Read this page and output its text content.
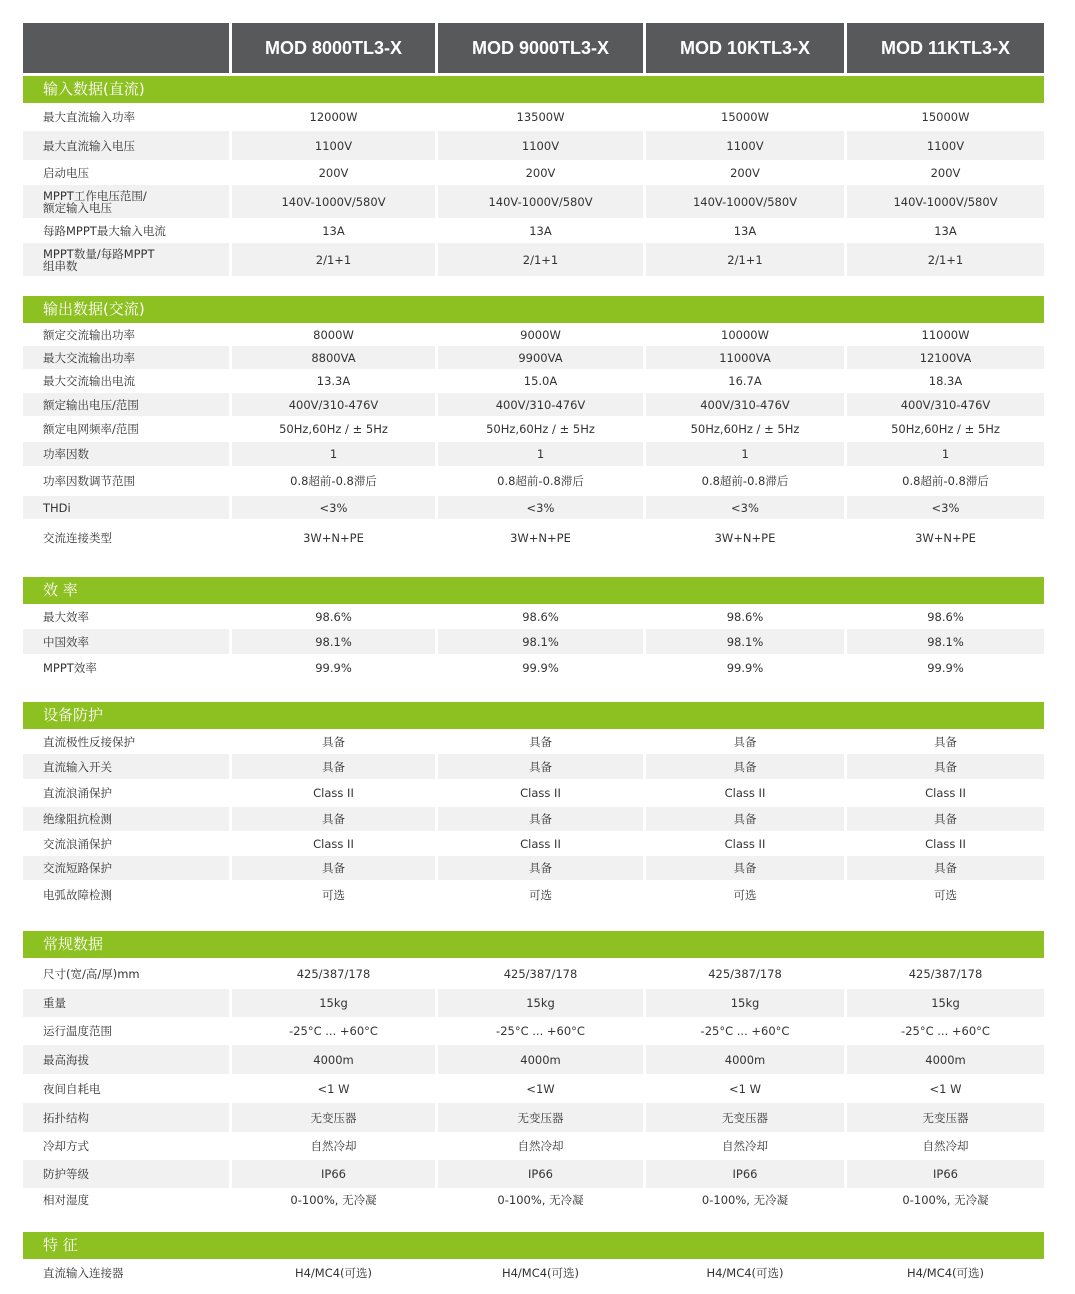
MOD 8000TL3-X	MOD 9000TL3-X	MOD 10KTL3-X	MOD 11KTL3-X
输入数据(直流)
最大直流输入功率	12000W	13500W	15000W	15000W
最大直流输入电压	1100V	1100V	1100V	1100V
启动电压	200V	200V	200V	200V
MPPT工作电压范围/
额定输入电压	140V-1000V/580V	140V-1000V/580V	140V-1000V/580V	140V-1000V/580V
每路MPPT最大输入电流	13A	13A	13A	13A
MPPT数量/每路MPPT
组串数	2/1+1	2/1+1	2/1+1	2/1+1
输出数据(交流)
额定交流输出功率	8000W	9000W	10000W	11000W
最大交流输出功率	8800VA	9900VA	11000VA	12100VA
最大交流输出电流	13.3A	15.0A	16.7A	18.3A
额定输出电压/范围	400V/310-476V	400V/310-476V	400V/310-476V	400V/310-476V
额定电网频率/范围	50Hz,60Hz / ± 5Hz	50Hz,60Hz / ± 5Hz	50Hz,60Hz / ± 5Hz	50Hz,60Hz / ± 5Hz
功率因数	1	1	1	1
功率因数调节范围	0.8超前-0.8滞后	0.8超前-0.8滞后	0.8超前-0.8滞后	0.8超前-0.8滞后
THDi	<3%	<3%	<3%	<3%
交流连接类型	3W+N+PE	3W+N+PE	3W+N+PE	3W+N+PE
效 率
最大效率	98.6%	98.6%	98.6%	98.6%
中国效率	98.1%	98.1%	98.1%	98.1%
MPPT效率	99.9%	99.9%	99.9%	99.9%
设备防护
直流极性反接保护	具备	具备	具备	具备
直流输入开关	具备	具备	具备	具备
直流浪涌保护	Class II	Class II	Class II	Class II
绝缘阻抗检测	具备	具备	具备	具备
交流浪涌保护	Class II	Class II	Class II	Class II
交流短路保护	具备	具备	具备	具备
电弧故障检测	可选	可选	可选	可选
常规数据
尺寸(宽/高/厚)mm	425/387/178	425/387/178	425/387/178	425/387/178
重量	15kg	15kg	15kg	15kg
运行温度范围	-25°C ... +60°C	-25°C ... +60°C	-25°C ... +60°C	-25°C ... +60°C
最高海拔	4000m	4000m	4000m	4000m
夜间自耗电	<1 W	<1W	<1 W	<1 W
拓扑结构	无变压器	无变压器	无变压器	无变压器
冷却方式	自然冷却	自然冷却	自然冷却	自然冷却
防护等级	IP66	IP66	IP66	IP66
相对湿度	0-100%, 无冷凝	0-100%, 无冷凝	0-100%, 无冷凝	0-100%, 无冷凝
特 征
直流输入连接器	H4/MC4(可选)	H4/MC4(可选)	H4/MC4(可选)	H4/MC4(可选)
